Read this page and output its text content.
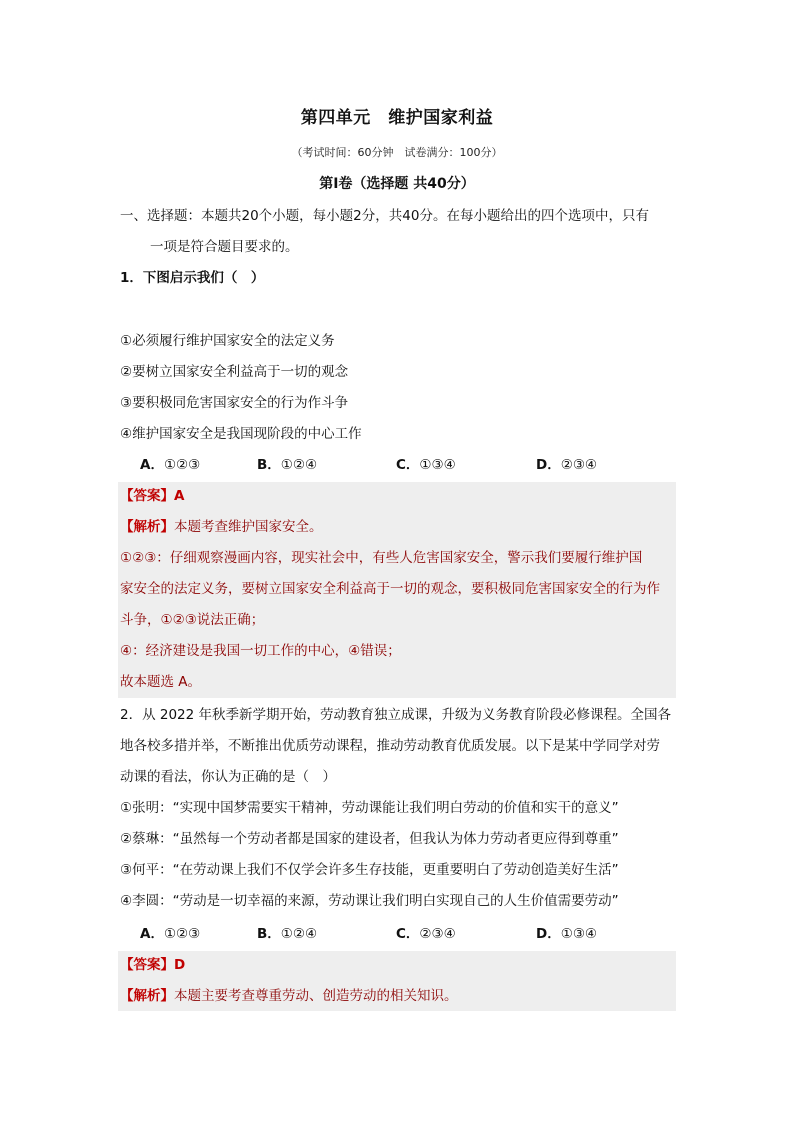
第四单元　维护国家利益
（考试时间：60分钟　试卷满分：100分）
第Ⅰ卷（选择题 共40分）
一、选择题：本题共20个小题，每小题2分，共40分。在每小题给出的四个选项中，只有
一项是符合题目要求的。
1．下图启示我们（　）
①必须履行维护国家安全的法定义务
②要树立国家安全利益高于一切的观念
③要积极同危害国家安全的行为作斗争
④维护国家安全是我国现阶段的中心工作
A．①②③	B．①②④	C．①③④	D．②③④
【答案】A
【解析】本题考查维护国家安全。
①②③：仔细观察漫画内容，现实社会中，有些人危害国家安全，警示我们要履行维护国
家安全的法定义务，要树立国家安全利益高于一切的观念，要积极同危害国家安全的行为作
斗争，①②③说法正确；
④：经济建设是我国一切工作的中心，④错误；
故本题选 A。
2．从 2022 年秋季新学期开始，劳动教育独立成课，升级为义务教育阶段必修课程。全国各
地各校多措并举，不断推出优质劳动课程，推动劳动教育优质发展。以下是某中学同学对劳
动课的看法，你认为正确的是（　）
①张明：“实现中国梦需要实干精神，劳动课能让我们明白劳动的价值和实干的意义”
②蔡琳：“虽然每一个劳动者都是国家的建设者，但我认为体力劳动者更应得到尊重”
③何平：“在劳动课上我们不仅学会许多生存技能，更重要明白了劳动创造美好生活”
④李圆：“劳动是一切幸福的来源，劳动课让我们明白实现自己的人生价值需要劳动”
A．①②③	B．①②④	C．②③④	D．①③④
【答案】D
【解析】本题主要考查尊重劳动、创造劳动的相关知识。
